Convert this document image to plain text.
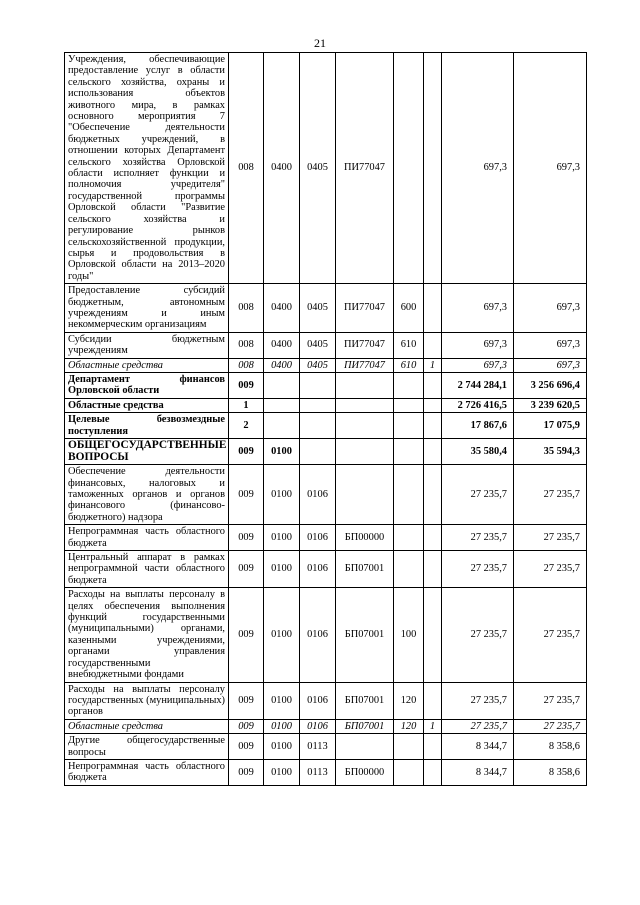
21
Учреждения, обеспечивающие предоставление услуг в области сельского хозяйства, охраны и использования объектов животного мира, в рамках основного мероприятия 7 "Обеспечение деятельности бюджетных учреждений, в отношении которых Департамент сельского хозяйства Орловской области исполняет функции и полномочия учредителя" государственной программы Орловской области "Развитие сельского хозяйства и регулирование рынков сельскохозяйственной продукции, сырья и продовольствия в Орловской области на 2013–2020 годы"	008	0400	0405	ПИ77047			697,3	697,3
Предоставление субсидий бюджетным, автономным учреждениям и иным некоммерческим организациям	008	0400	0405	ПИ77047	600		697,3	697,3
Субсидии бюджетным учреждениям	008	0400	0405	ПИ77047	610		697,3	697,3
Областные средства	008	0400	0405	ПИ77047	610	1	697,3	697,3
Департамент финансов Орловской области	009						2 744 284,1	3 256 696,4
Областные средства	1						2 726 416,5	3 239 620,5
Целевые безвозмездные поступления	2						17 867,6	17 075,9
ОБЩЕГОСУДАРСТВЕННЫЕ ВОПРОСЫ	009	0100					35 580,4	35 594,3
Обеспечение деятельности финансовых, налоговых и таможенных органов и органов финансового (финансово-бюджетного) надзора	009	0100	0106				27 235,7	27 235,7
Непрограммная часть областного бюджета	009	0100	0106	БП00000			27 235,7	27 235,7
Центральный аппарат в рамках непрограммной части областного бюджета	009	0100	0106	БП07001			27 235,7	27 235,7
Расходы на выплаты персоналу в целях обеспечения выполнения функций государственными (муниципальными) органами, казенными учреждениями, органами управления государственными внебюджетными фондами	009	0100	0106	БП07001	100		27 235,7	27 235,7
Расходы на выплаты персоналу государственных (муниципальных) органов	009	0100	0106	БП07001	120		27 235,7	27 235,7
Областные средства	009	0100	0106	БП07001	120	1	27 235,7	27 235,7
Другие общегосударственные вопросы	009	0100	0113				8 344,7	8 358,6
Непрограммная часть областного бюджета	009	0100	0113	БП00000			8 344,7	8 358,6
